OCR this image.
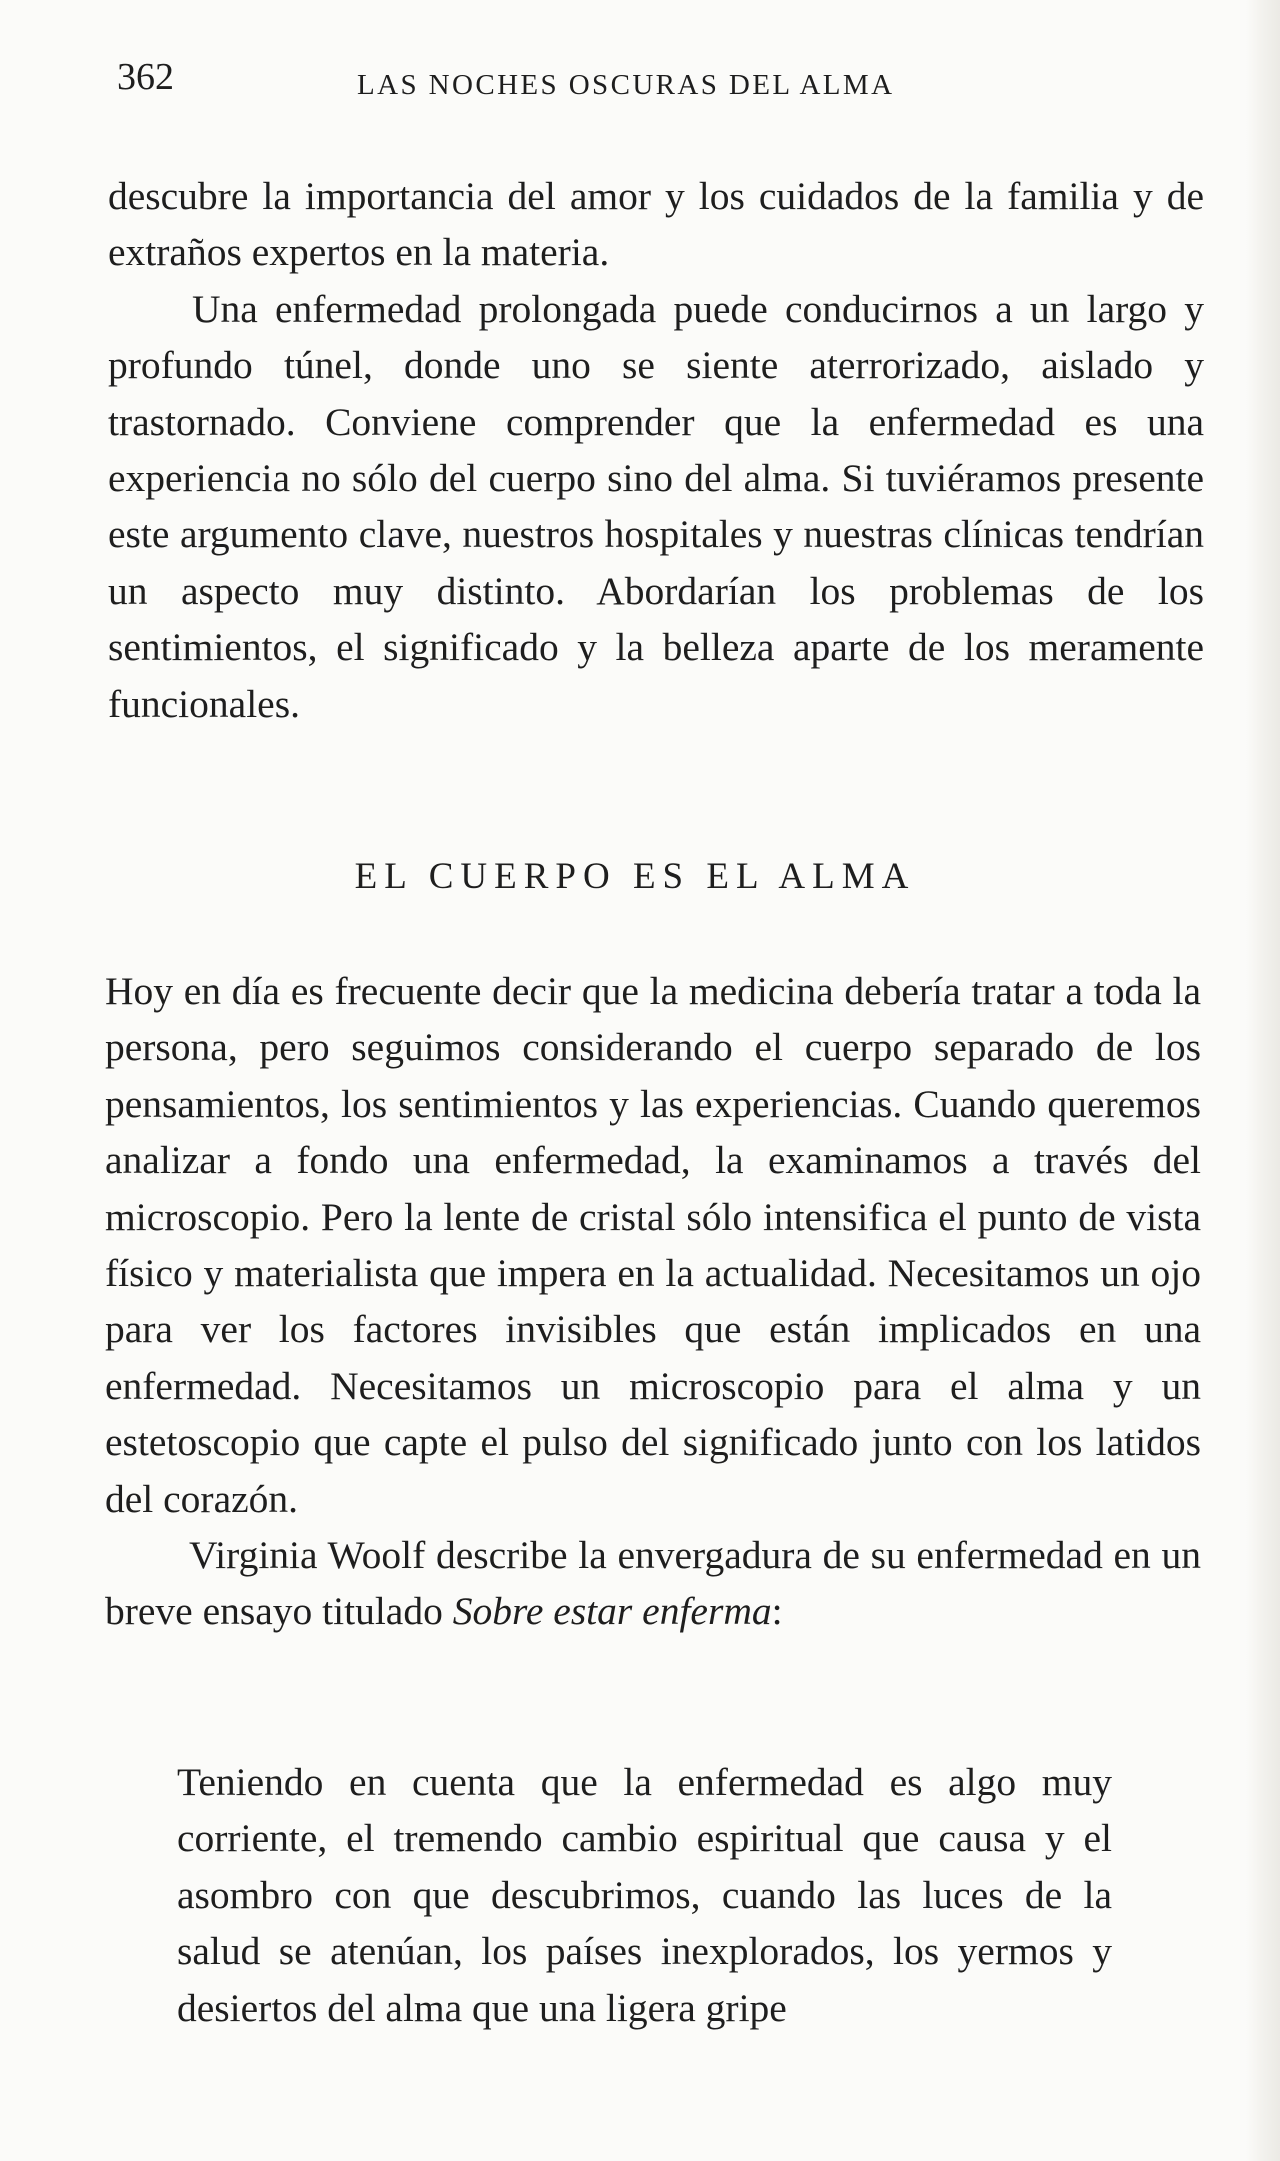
362	LAS NOCHES OSCURAS DEL ALMA

descubre la importancia del amor y los cuidados de la familia y de extraños expertos en la materia.

Una enfermedad prolongada puede conducirnos a un largo y profundo túnel, donde uno se siente aterrorizado, aislado y trastornado. Conviene comprender que la enfermedad es una experiencia no sólo del cuerpo sino del alma. Si tuviéramos presente este argumento clave, nuestros hospitales y nuestras clínicas tendrían un aspecto muy distinto. Abordarían los problemas de los sentimientos, el significado y la belleza aparte de los meramente funcionales.

EL CUERPO ES EL ALMA

Hoy en día es frecuente decir que la medicina debería tratar a toda la persona, pero seguimos considerando el cuerpo separado de los pensamientos, los sentimientos y las experiencias. Cuando queremos analizar a fondo una enfermedad, la examinamos a través del microscopio. Pero la lente de cristal sólo intensifica el punto de vista físico y materialista que impera en la actualidad. Necesitamos un ojo para ver los factores invisibles que están implicados en una enfermedad. Necesitamos un microscopio para el alma y un estetoscopio que capte el pulso del significado junto con los latidos del corazón.

Virginia Woolf describe la envergadura de su enfermedad en un breve ensayo titulado Sobre estar enferma:

Teniendo en cuenta que la enfermedad es algo muy corriente, el tremendo cambio espiritual que causa y el asombro con que descubrimos, cuando las luces de la salud se atenúan, los países inexplorados, los yermos y desiertos del alma que una ligera gripe
